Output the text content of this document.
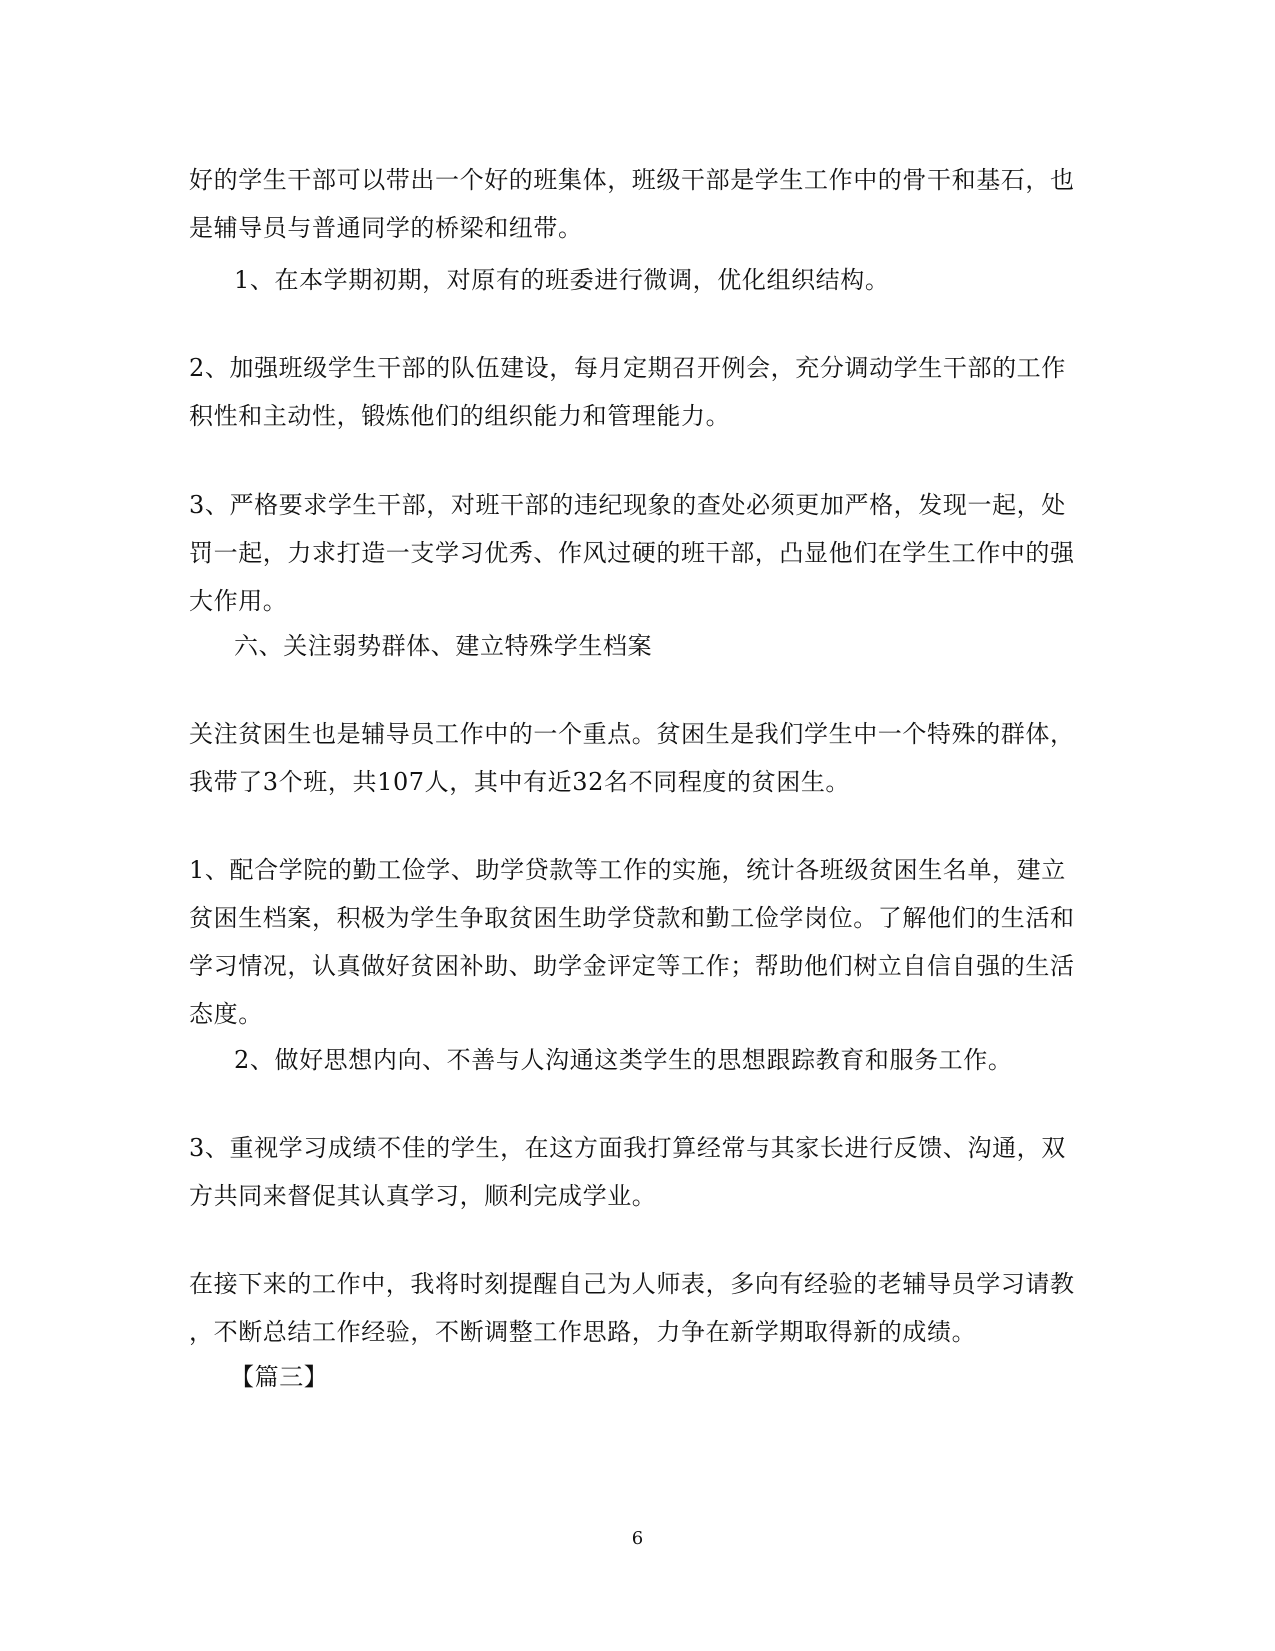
好的学生干部可以带出一个好的班集体，班级干部是学生工作中的骨干和基石，也
是辅导员与普通同学的桥梁和纽带。
1、在本学期初期，对原有的班委进行微调，优化组织结构。
2、加强班级学生干部的队伍建设，每月定期召开例会，充分调动学生干部的工作
积性和主动性，锻炼他们的组织能力和管理能力。
3、严格要求学生干部，对班干部的违纪现象的查处必须更加严格，发现一起，处
罚一起，力求打造一支学习优秀、作风过硬的班干部，凸显他们在学生工作中的强
大作用。
六、关注弱势群体、建立特殊学生档案
关注贫困生也是辅导员工作中的一个重点。贫困生是我们学生中一个特殊的群体，
我带了3个班，共107人，其中有近32名不同程度的贫困生。
1、配合学院的勤工俭学、助学贷款等工作的实施，统计各班级贫困生名单，建立
贫困生档案，积极为学生争取贫困生助学贷款和勤工俭学岗位。了解他们的生活和
学习情况，认真做好贫困补助、助学金评定等工作；帮助他们树立自信自强的生活
态度。
2、做好思想内向、不善与人沟通这类学生的思想跟踪教育和服务工作。
3、重视学习成绩不佳的学生，在这方面我打算经常与其家长进行反馈、沟通，双
方共同来督促其认真学习，顺利完成学业。
在接下来的工作中，我将时刻提醒自己为人师表，多向有经验的老辅导员学习请教
，不断总结工作经验，不断调整工作思路，力争在新学期取得新的成绩。
【篇三】
6
